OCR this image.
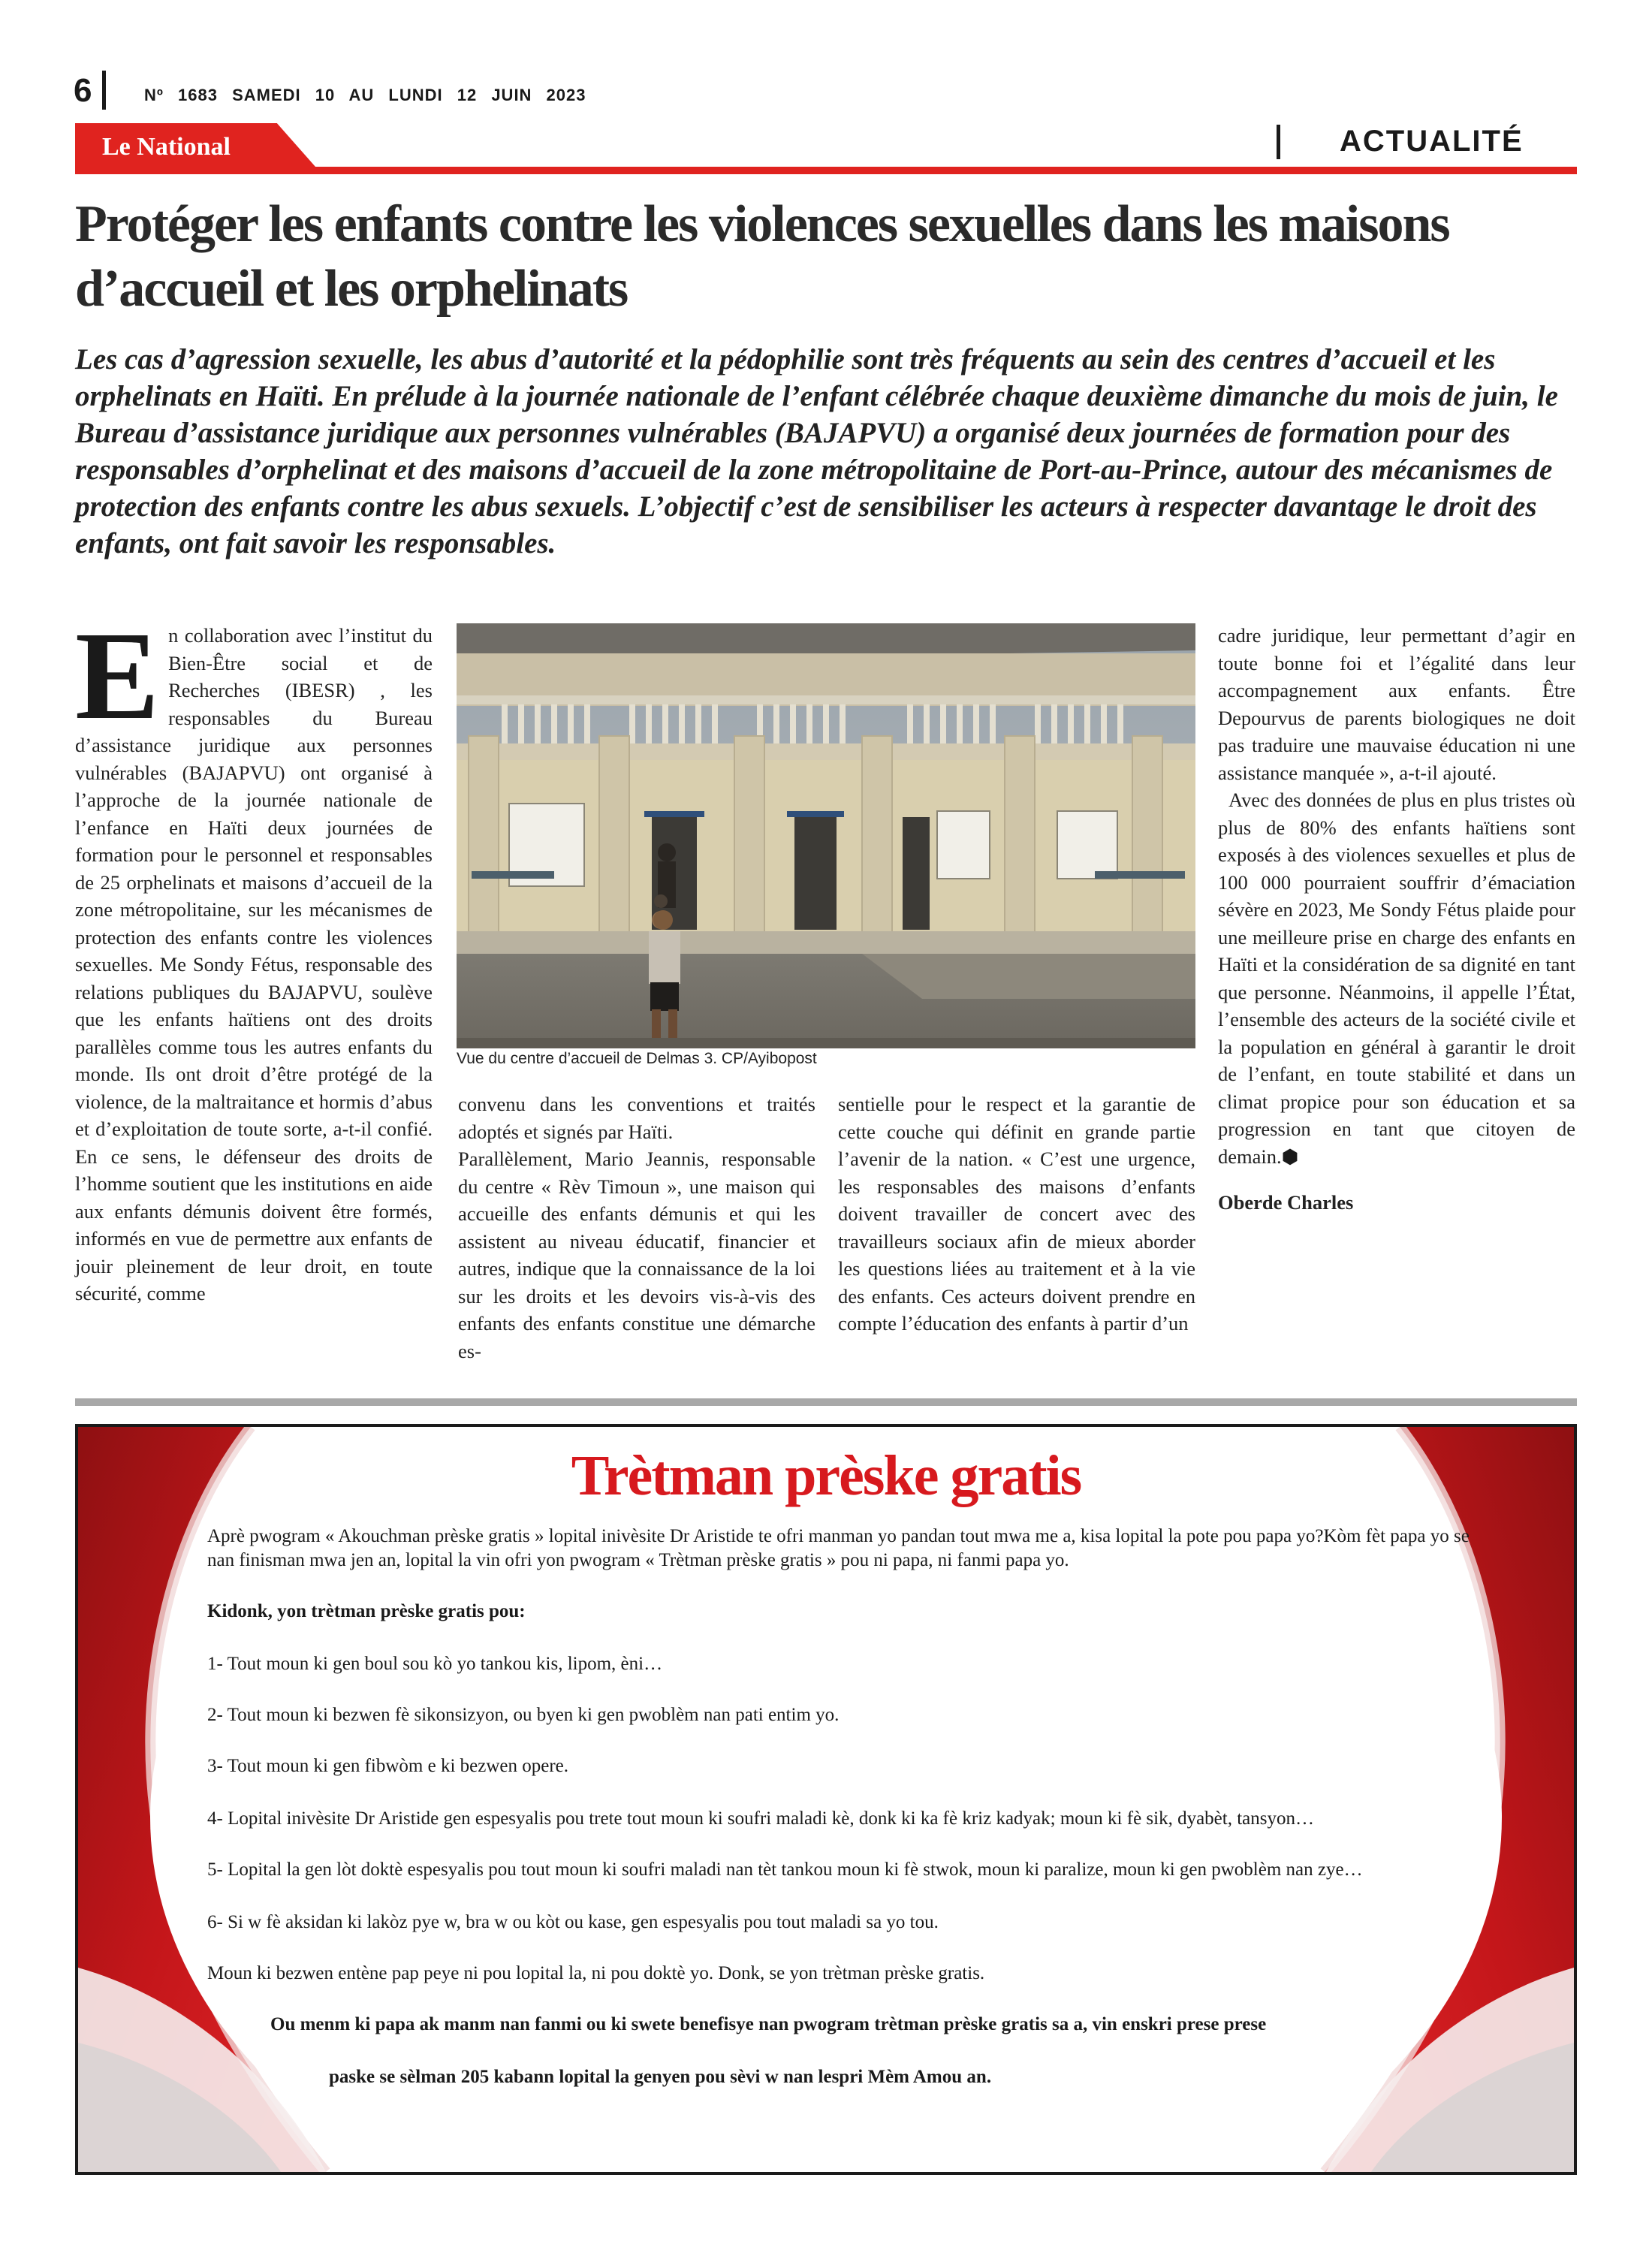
6	Nº 1683 SAMEDI 10 AU LUNDI 12 JUIN 2023
Le National	ACTUALITÉ
Protéger les enfants contre les violences sexuelles dans les maisons d’accueil et les orphelinats

Les cas d’agression sexuelle, les abus d’autorité et la pédophilie sont très fréquents au sein des centres d’accueil et les orphelinats en Haïti. En prélude à la journée nationale de l’enfant célébrée chaque deuxième dimanche du mois de juin, le Bureau d’assistance juridique aux personnes vulnérables (BAJAPVU) a organisé deux journées de formation pour des responsables d’orphelinat et des maisons d’accueil de la zone métropolitaine de Port-au-Prince, autour des mécanismes de protection des enfants contre les abus sexuels. L’objectif c’est de sensibiliser les acteurs à respecter davantage le droit des enfants, ont fait savoir les responsables.

En collaboration avec l’institut du Bien-Être social et de Recherches (IBESR) , les responsables du Bureau d’assistance juridique aux personnes vulnérables (BAJAPVU) ont organisé à l’approche de la journée nationale de l’enfance en Haïti deux journées de formation pour le personnel et responsables de 25 orphelinats et maisons d’accueil de la zone métropolitaine, sur les mécanismes de protection des enfants contre les violences sexuelles. Me Sondy Fétus, responsable des relations publiques du BAJAPVU, soulève que les enfants haïtiens ont des droits parallèles comme tous les autres enfants du monde. Ils ont droit d’être protégé de la violence, de la maltraitance et hormis d’abus et d’exploitation de toute sorte, a-t-il confié. En ce sens, le défenseur des droits de l’homme soutient que les institutions en aide aux enfants démunis doivent être formés, informés en vue de permettre aux enfants de jouir pleinement de leur droit, en toute sécurité, comme

Vue du centre d’accueil de Delmas 3. CP/Ayibopost

convenu dans les conventions et traités adoptés et signés par Haïti.

Parallèlement, Mario Jeannis, responsable du centre « Rèv Timoun », une maison qui accueille des enfants démunis et qui les assistent au niveau éducatif, financier et autres, indique que la connaissance de la loi sur les droits et les devoirs vis-à-vis des enfants des enfants constitue une démarche es-

sentielle pour le respect et la garantie de cette couche qui définit en grande partie l’avenir de la nation. « C’est une urgence, les responsables des maisons d’enfants doivent travailler de concert avec des travailleurs sociaux afin de mieux aborder les questions liées au traitement et à la vie des enfants. Ces acteurs doivent prendre en compte l’éducation des enfants à partir d’un

cadre juridique, leur permettant d’agir en toute bonne foi et l’égalité dans leur accompagnement aux enfants. Être Depourvus de parents biologiques ne doit pas traduire une mauvaise éducation ni une assistance manquée », a-t-il ajouté.

Avec des données de plus en plus tristes où plus de 80% des enfants haïtiens sont exposés à des violences sexuelles et plus de 100 000 pourraient souffrir d’émaciation sévère en 2023, Me Sondy Fétus plaide pour une meilleure prise en charge des enfants en Haïti et la considération de sa dignité en tant que personne. Néanmoins, il appelle l’État, l’ensemble des acteurs de la société civile et la population en général à garantir le droit de l’enfant, en toute stabilité et dans un climat propice pour son éducation et sa progression en tant que citoyen de demain.⬢

Oberde Charles

Trètman prèske gratis
Aprè pwogram « Akouchman prèske gratis » lopital inivèsite Dr Aristide te ofri manman yo pandan tout mwa me a, kisa lopital la pote pou papa yo?Kòm fèt papa yo se nan finisman mwa jen an, lopital la vin ofri yon pwogram « Trètman prèske gratis » pou ni papa, ni fanmi papa yo.
Kidonk, yon trètman prèske gratis pou:
1- Tout moun ki gen boul sou kò yo tankou kis, lipom, èni…
2- Tout moun ki bezwen fè sikonsizyon, ou byen ki gen pwoblèm nan pati entim yo.
3- Tout moun ki gen fibwòm e ki bezwen opere.
4- Lopital inivèsite Dr Aristide gen espesyalis pou trete tout moun ki soufri maladi kè, donk ki ka fè kriz kadyak; moun ki fè sik, dyabèt, tansyon…
5- Lopital la gen lòt doktè espesyalis pou tout moun ki soufri maladi nan tèt tankou moun ki fè stwok, moun ki paralize, moun ki gen pwoblèm nan zye…
6- Si w fè aksidan ki lakòz pye w, bra w ou kòt ou kase, gen espesyalis pou tout maladi sa yo tou.
Moun ki bezwen entène pap peye ni pou lopital la, ni pou doktè yo. Donk, se yon trètman prèske gratis.
Ou menm ki papa ak manm nan fanmi ou ki swete benefisye nan pwogram trètman prèske gratis sa a, vin enskri prese prese
paske se sèlman 205 kabann lopital la genyen pou sèvi w nan lespri Mèm Amou an.
